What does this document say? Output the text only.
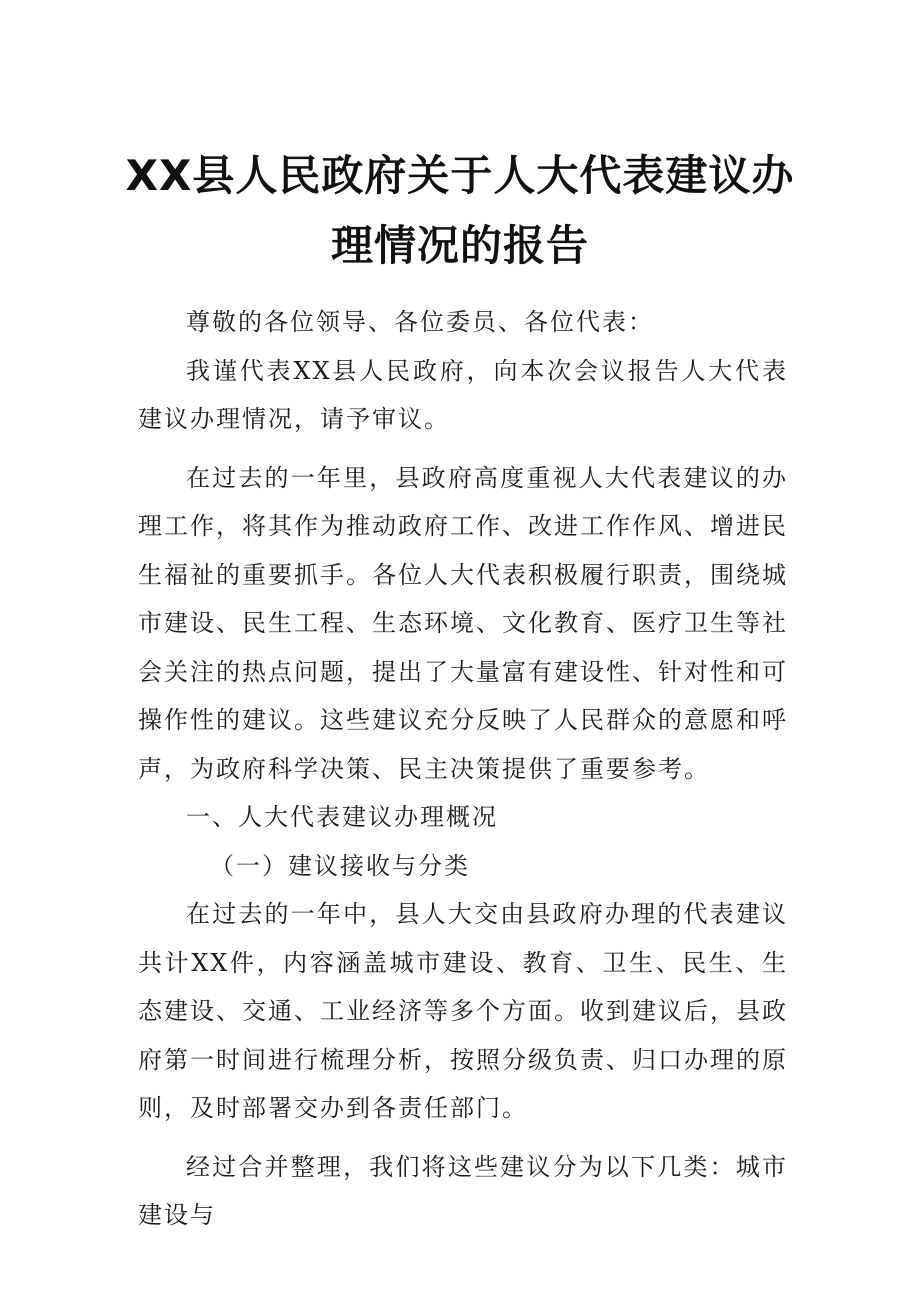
XX县人民政府关于人大代表建议办
理情况的报告

尊敬的各位领导、各位委员、各位代表：

我谨代表XX县人民政府，向本次会议报告人大代表建议办理情况，请予审议。

在过去的一年里，县政府高度重视人大代表建议的办理工作，将其作为推动政府工作、改进工作作风、增进民生福祉的重要抓手。各位人大代表积极履行职责，围绕城市建设、民生工程、生态环境、文化教育、医疗卫生等社会关注的热点问题，提出了大量富有建设性、针对性和可操作性的建议。这些建议充分反映了人民群众的意愿和呼声，为政府科学决策、民主决策提供了重要参考。

一、人大代表建议办理概况

（一）建议接收与分类

在过去的一年中，县人大交由县政府办理的代表建议共计XX件，内容涵盖城市建设、教育、卫生、民生、生态建设、交通、工业经济等多个方面。收到建议后，县政府第一时间进行梳理分析，按照分级负责、归口办理的原则，及时部署交办到各责任部门。

经过合并整理，我们将这些建议分为以下几类：城市建设与
